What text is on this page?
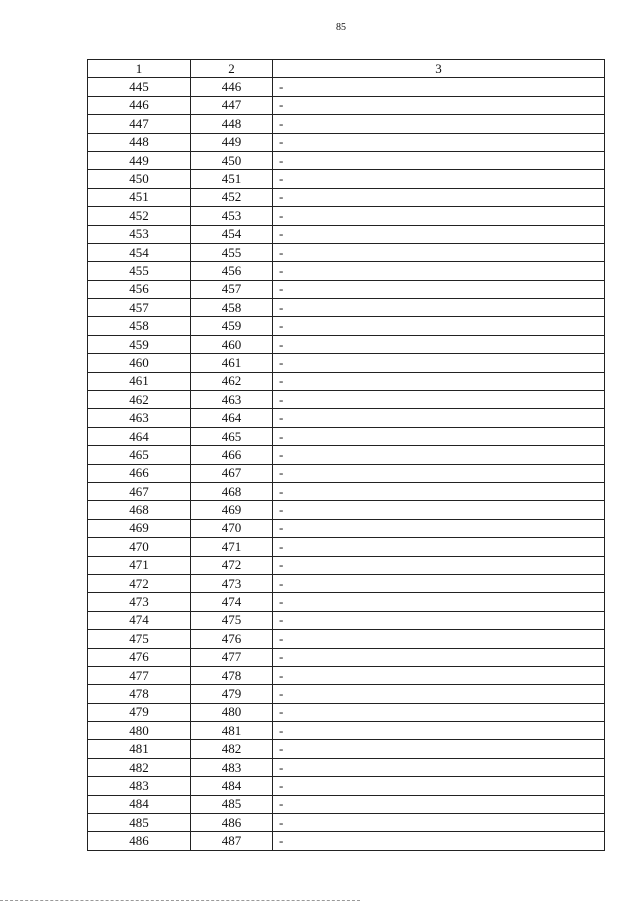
85
1	2	3
445	446	-
446	447	-
447	448	-
448	449	-
449	450	-
450	451	-
451	452	-
452	453	-
453	454	-
454	455	-
455	456	-
456	457	-
457	458	-
458	459	-
459	460	-
460	461	-
461	462	-
462	463	-
463	464	-
464	465	-
465	466	-
466	467	-
467	468	-
468	469	-
469	470	-
470	471	-
471	472	-
472	473	-
473	474	-
474	475	-
475	476	-
476	477	-
477	478	-
478	479	-
479	480	-
480	481	-
481	482	-
482	483	-
483	484	-
484	485	-
485	486	-
486	487	-
